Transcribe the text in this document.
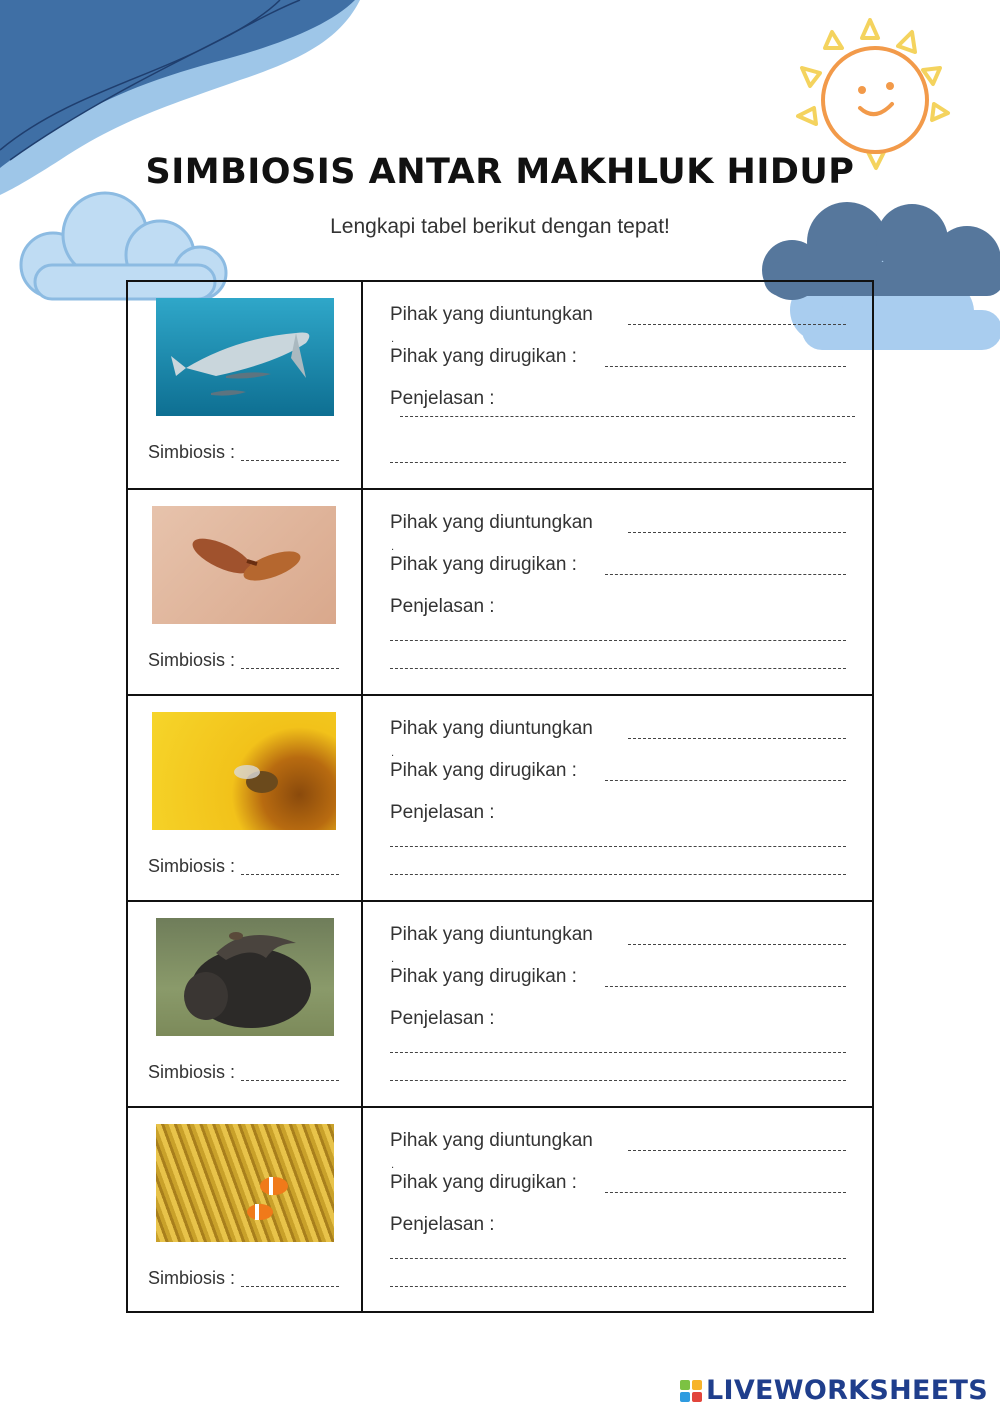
SIMBIOSIS ANTAR MAKHLUK HIDUP
Lengkapi tabel berikut dengan tepat!
Simbiosis :
Pihak yang diuntungkan
.
Pihak yang dirugikan :
Penjelasan :
Simbiosis :
Pihak yang diuntungkan
.
Pihak yang dirugikan :
Penjelasan :
Simbiosis :
Pihak yang diuntungkan
.
Pihak yang dirugikan :
Penjelasan :
Simbiosis :
Pihak yang diuntungkan
.
Pihak yang dirugikan :
Penjelasan :
Simbiosis :
Pihak yang diuntungkan
.
Pihak yang dirugikan :
Penjelasan :
LIVEWORKSHEETS
